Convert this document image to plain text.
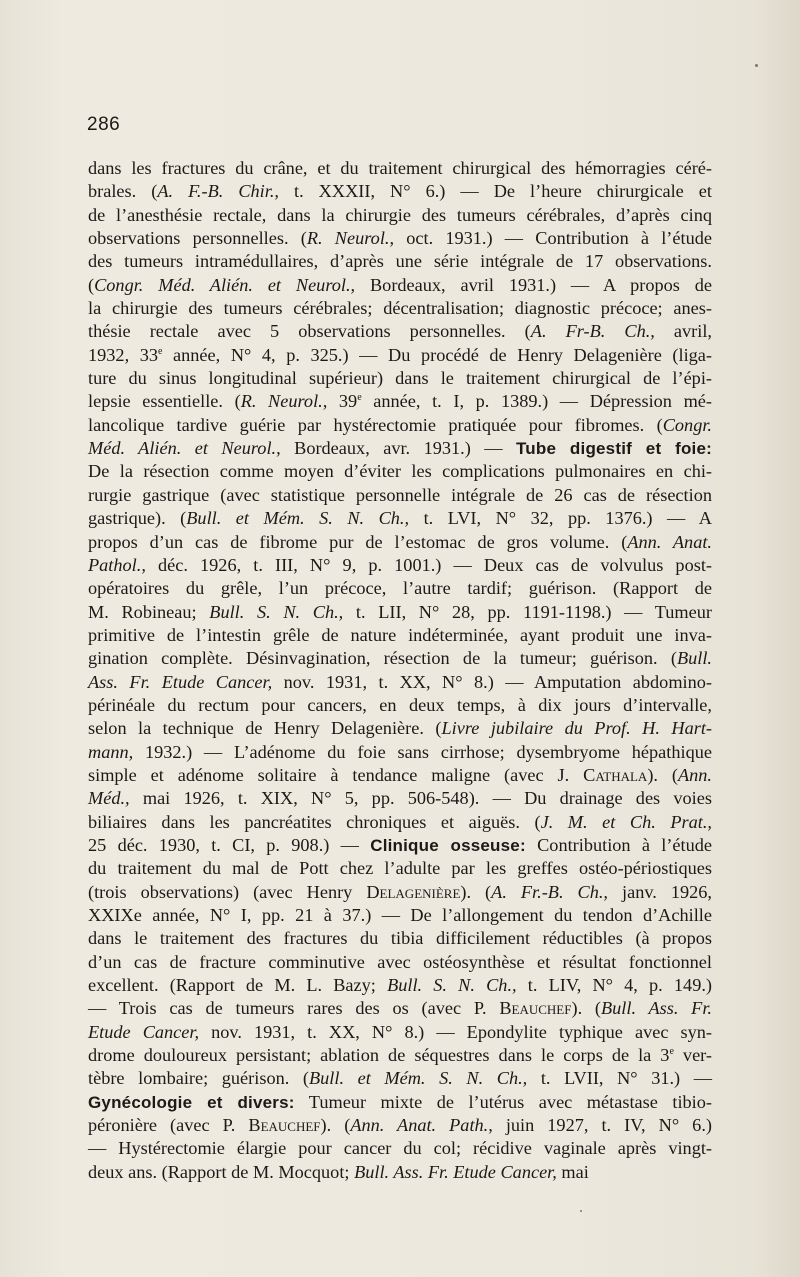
286
dans les fractures du crâne, et du traitement chirurgical des hémorragies céré-
brales. (A. F.-B. Chir., t. XXXII, N° 6.) — De l’heure chirurgicale et
de l’anesthésie rectale, dans la chirurgie des tumeurs cérébrales, d’après cinq
observations personnelles. (R. Neurol., oct. 1931.) — Contribution à l’étude
des tumeurs intramédullaires, d’après une série intégrale de 17 observations.
(Congr. Méd. Alién. et Neurol., Bordeaux, avril 1931.) — A propos de
la chirurgie des tumeurs cérébrales; décentralisation; diagnostic précoce; anes-
thésie rectale avec 5 observations personnelles. (A. Fr-B. Ch., avril,
1932, 33e année, N° 4, p. 325.) — Du procédé de Henry Delagenière (liga-
ture du sinus longitudinal supérieur) dans le traitement chirurgical de l’épi-
lepsie essentielle. (R. Neurol., 39e année, t. I, p. 1389.) — Dépression mé-
lancolique tardive guérie par hystérectomie pratiquée pour fibromes. (Congr.
Méd. Alién. et Neurol., Bordeaux, avr. 1931.) — Tube digestif et foie:
De la résection comme moyen d’éviter les complications pulmonaires en chi-
rurgie gastrique (avec statistique personnelle intégrale de 26 cas de résection
gastrique). (Bull. et Mém. S. N. Ch., t. LVI, N° 32, pp. 1376.) — A
propos d’un cas de fibrome pur de l’estomac de gros volume. (Ann. Anat.
Pathol., déc. 1926, t. III, N° 9, p. 1001.) — Deux cas de volvulus post-
opératoires du grêle, l’un précoce, l’autre tardif; guérison. (Rapport de
M. Robineau; Bull. S. N. Ch., t. LII, N° 28, pp. 1191-1198.) — Tumeur
primitive de l’intestin grêle de nature indéterminée, ayant produit une inva-
gination complète. Désinvagination, résection de la tumeur; guérison. (Bull.
Ass. Fr. Etude Cancer, nov. 1931, t. XX, N° 8.) — Amputation abdomino-
périnéale du rectum pour cancers, en deux temps, à dix jours d’intervalle,
selon la technique de Henry Delagenière. (Livre jubilaire du Prof. H. Hart-
mann, 1932.) — L’adénome du foie sans cirrhose; dysembryome hépathique
simple et adénome solitaire à tendance maligne (avec J. Cathala). (Ann.
Méd., mai 1926, t. XIX, N° 5, pp. 506-548). — Du drainage des voies
biliaires dans les pancréatites chroniques et aiguës. (J. M. et Ch. Prat.,
25 déc. 1930, t. CI, p. 908.) — Clinique osseuse: Contribution à l’étude
du traitement du mal de Pott chez l’adulte par les greffes ostéo-périostiques
(trois observations) (avec Henry Delagenière). (A. Fr.-B. Ch., janv. 1926,
XXIXe année, N° I, pp. 21 à 37.) — De l’allongement du tendon d’Achille
dans le traitement des fractures du tibia difficilement réductibles (à propos
d’un cas de fracture comminutive avec ostéosynthèse et résultat fonctionnel
excellent. (Rapport de M. L. Bazy; Bull. S. N. Ch., t. LIV, N° 4, p. 149.)
— Trois cas de tumeurs rares des os (avec P. Beauchef). (Bull. Ass. Fr.
Etude Cancer, nov. 1931, t. XX, N° 8.) — Epondylite typhique avec syn-
drome douloureux persistant; ablation de séquestres dans le corps de la 3e ver-
tèbre lombaire; guérison. (Bull. et Mém. S. N. Ch., t. LVII, N° 31.) —
Gynécologie et divers: Tumeur mixte de l’utérus avec métastase tibio-
péronière (avec P. Beauchef). (Ann. Anat. Path., juin 1927, t. IV, N° 6.)
— Hystérectomie élargie pour cancer du col; récidive vaginale après vingt-
deux ans. (Rapport de M. Mocquot; Bull. Ass. Fr. Etude Cancer, mai
